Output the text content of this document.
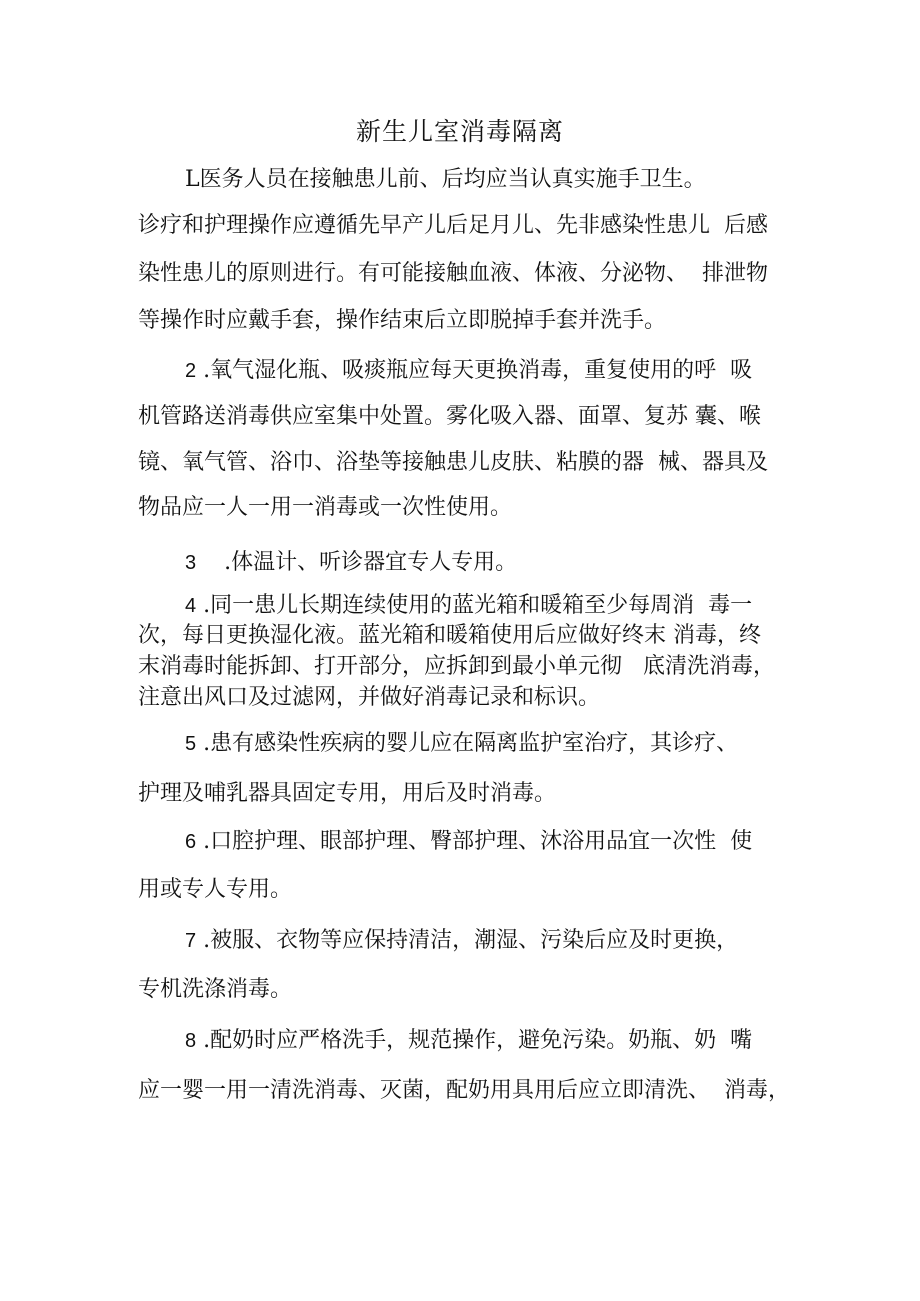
新生儿室消毒隔离
L医务人员在接触患儿前、后均应当认真实施手卫生。
诊疗和护理操作应遵循先早产儿后足月儿、先非感染性患儿  后感
染性患儿的原则进行。有可能接触血液、体液、分泌物、  排泄物
等操作时应戴手套，操作结束后立即脱掉手套并洗手。
2 .氧气湿化瓶、吸痰瓶应每天更换消毒，重复使用的呼  吸
机管路送消毒供应室集中处置。雾化吸入器、面罩、复苏 囊、喉
镜、氧气管、浴巾、浴垫等接触患儿皮肤、粘膜的器  械、器具及
物品应一人一用一消毒或一次性使用。
3    .体温计、听诊器宜专人专用。
4 .同一患儿长期连续使用的蓝光箱和暖箱至少每周消  毒一
次，每日更换湿化液。蓝光箱和暖箱使用后应做好终末 消毒，终
末消毒时能拆卸、打开部分，应拆卸到最小单元彻   底清洗消毒，
注意出风口及过滤网，并做好消毒记录和标识。
5 .患有感染性疾病的婴儿应在隔离监护室治疗，其诊疗、
护理及哺乳器具固定专用，用后及时消毒。
6 .口腔护理、眼部护理、臀部护理、沐浴用品宜一次性  使
用或专人专用。
7 .被服、衣物等应保持清洁，潮湿、污染后应及时更换，
专机洗涤消毒。
8 .配奶时应严格洗手，规范操作，避免污染。奶瓶、奶  嘴
应一婴一用一清洗消毒、灭菌，配奶用具用后应立即清洗、  消毒，
